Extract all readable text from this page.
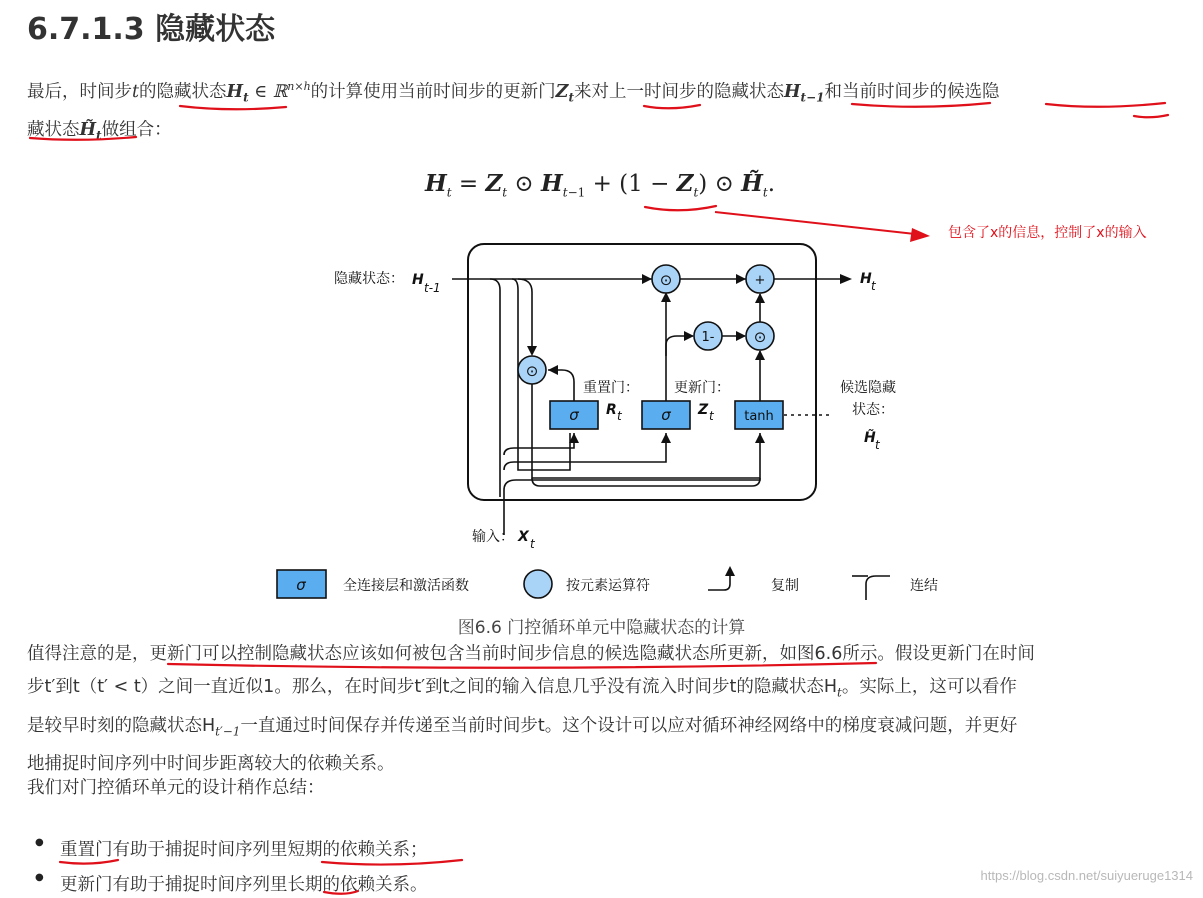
6.7.1.3 隐藏状态
最后，时间步t的隐藏状态$H_t$ ∈ ℝ$^{n\times h}$的计算使用当前时间步的更新门$Z_t$来对上一时间步的隐藏状态$H_{t-1}$和当前时间步的候选隐
藏状态$H̃_t$做组合：
$H_t = Z_t$ ⊙ $H_{t-1} + (1 - Z_t)$ ⊙ $H̃_t$.
包含了x的信息，控制了x的输入
⊙	+
1-	⊙
⊙
σ	σ	tanh
隐藏状态： H t-1
H t
重置门：
R t
更新门：
Z t
候选隐藏
状态：
H̃ t
输入： X t
σ	全连接层和激活函数	按元素运算符	复制	连结
图6.6 门控循环单元中隐藏状态的计算
值得注意的是，更新门可以控制隐藏状态应该如何被包含当前时间步信息的候选隐藏状态所更新，如图6.6所示。假设更新门在时间
步t′到t（t′ < t）之间一直近似1。那么，在时间步t′到t之间的输入信息几乎没有流入时间步t的隐藏状态$H_t$。实际上，这可以看作
是较早时刻的隐藏状态$H_{t'-1}$一直通过时间保存并传递至当前时间步t。这个设计可以应对循环神经网络中的梯度衰减问题，并更好
地捕捉时间序列中时间步距离较大的依赖关系。
我们对门控循环单元的设计稍作总结：
● 重置门有助于捕捉时间序列里短期的依赖关系；
● 更新门有助于捕捉时间序列里长期的依赖关系。	https://blog.csdn.net/suiyueruge1314
